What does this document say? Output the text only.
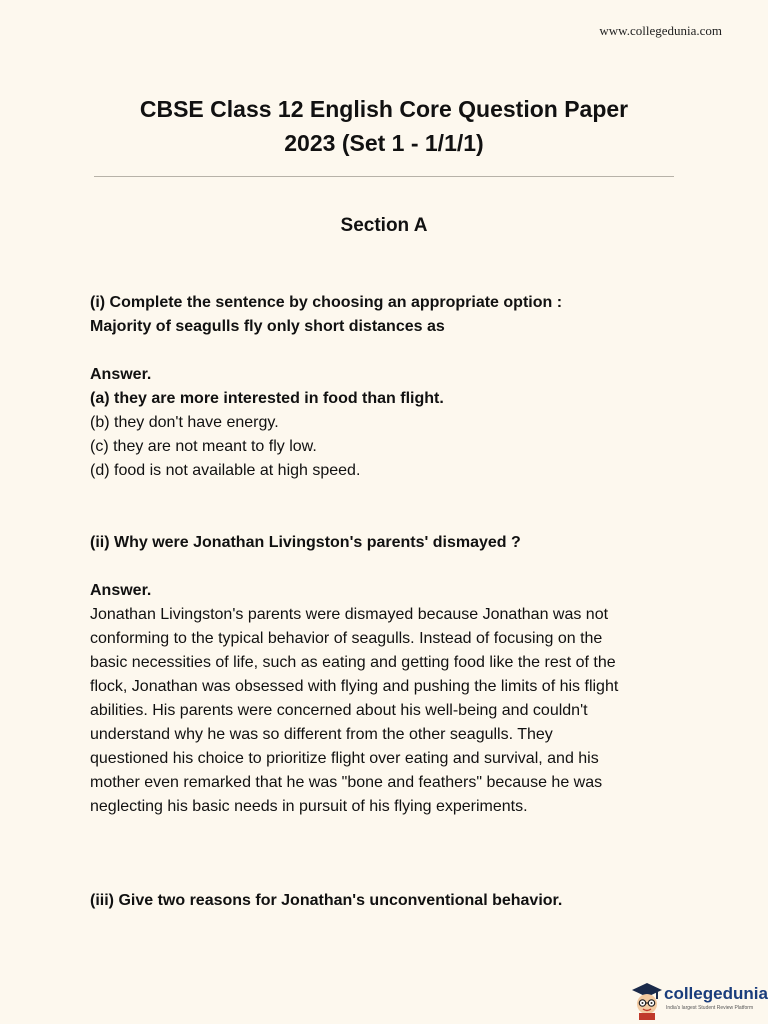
www.collegedunia.com
CBSE Class 12 English Core Question Paper
2023 (Set 1 - 1/1/1)
Section A
(i) Complete the sentence by choosing an appropriate option :
Majority of seagulls fly only short distances as
Answer.
(a) they are more interested in food than flight.
(b) they don't have energy.
(c) they are not meant to fly low.
(d) food is not available at high speed.
(ii) Why were Jonathan Livingston's parents' dismayed ?
Answer.
Jonathan Livingston's parents were dismayed because Jonathan was not
conforming to the typical behavior of seagulls. Instead of focusing on the
basic necessities of life, such as eating and getting food like the rest of the
flock, Jonathan was obsessed with flying and pushing the limits of his flight
abilities. His parents were concerned about his well-being and couldn't
understand why he was so different from the other seagulls. They
questioned his choice to prioritize flight over eating and survival, and his
mother even remarked that he was "bone and feathers" because he was
neglecting his basic needs in pursuit of his flying experiments.
(iii) Give two reasons for Jonathan's unconventional behavior.
collegedunia
India's largest Student Review Platform
